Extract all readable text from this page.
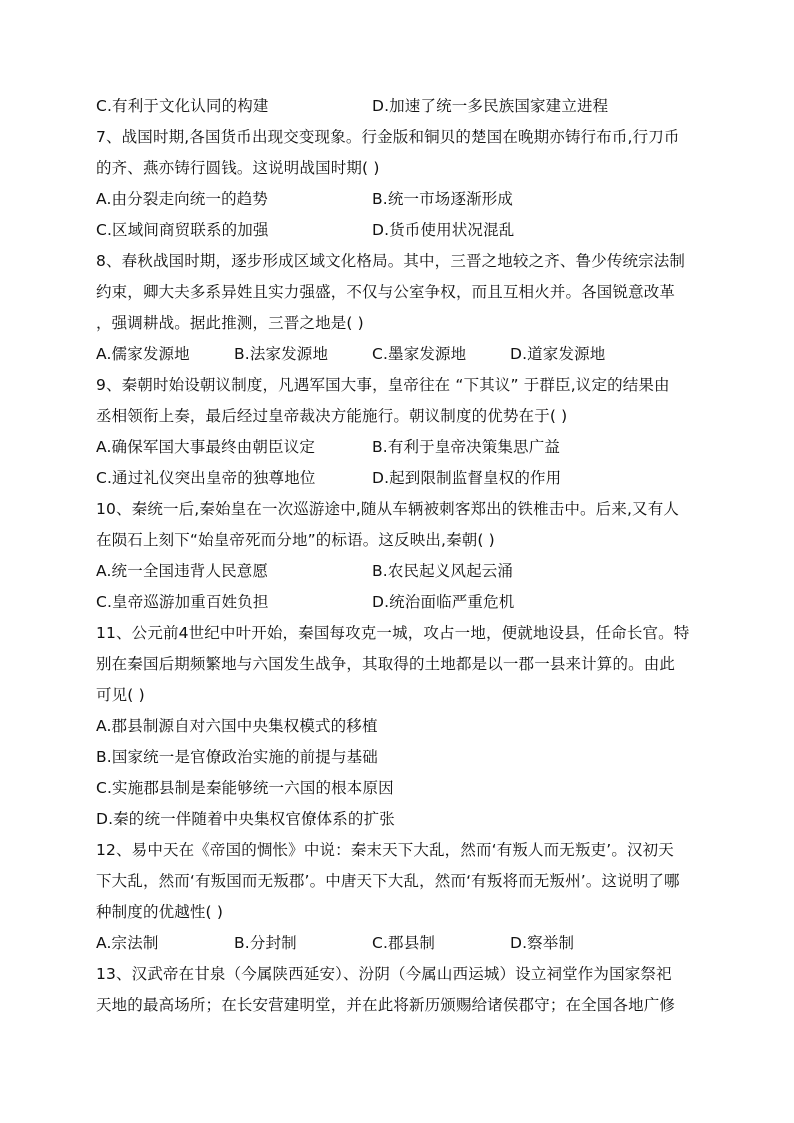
C.有利于文化认同的构建	D.加速了统一多民族国家建立进程
7、战国时期,各国货币出现交变现象。行金版和铜贝的楚国在晚期亦铸行布币,行刀币
的齐、燕亦铸行圆钱。这说明战国时期( )
A.由分裂走向统一的趋势	B.统一市场逐渐形成
C.区域间商贸联系的加强	D.货币使用状况混乱
8、春秋战国时期，逐步形成区域文化格局。其中，三晋之地较之齐、鲁少传统宗法制
约束，卿大夫多系异姓且实力强盛，不仅与公室争权，而且互相火并。各国锐意改革
，强调耕战。据此推测，三晋之地是( )
A.儒家发源地	B.法家发源地	C.墨家发源地	D.道家发源地
9、秦朝时始设朝议制度，凡遇军国大事，皇帝往在 “下其议” 于群臣,议定的结果由
丞相领衔上奏，最后经过皇帝裁决方能施行。朝议制度的优势在于( )
A.确保军国大事最终由朝臣议定	B.有利于皇帝决策集思广益
C.通过礼仪突出皇帝的独尊地位	D.起到限制监督皇权的作用
10、秦统一后,秦始皇在一次巡游途中,随从车辆被刺客郑出的铁椎击中。后来,又有人
在陨石上刻下“始皇帝死而分地”的标语。这反映出,秦朝( )
A.统一全国违背人民意愿	B.农民起义风起云涌
C.皇帝巡游加重百姓负担	D.统治面临严重危机
11、公元前4世纪中叶开始，秦国每攻克一城，攻占一地，便就地设县，任命长官。特
别在秦国后期频繁地与六国发生战争，其取得的土地都是以一郡一县来计算的。由此
可见( )
A.郡县制源自对六国中央集权模式的移植
B.国家统一是官僚政治实施的前提与基础
C.实施郡县制是秦能够统一六国的根本原因
D.秦的统一伴随着中央集权官僚体系的扩张
12、易中天在《帝国的惆怅》中说：秦末天下大乱，然而‘有叛人而无叛吏’。汉初天
下大乱，然而‘有叛国而无叛郡’。中唐天下大乱，然而‘有叛将而无叛州’。这说明了哪
种制度的优越性( )
A.宗法制	B.分封制	C.郡县制	D.察举制
13、汉武帝在甘泉（今属陕西延安）、汾阴（今属山西运城）设立祠堂作为国家祭祀
天地的最高场所；在长安营建明堂，并在此将新历颁赐给诸侯郡守；在全国各地广修
